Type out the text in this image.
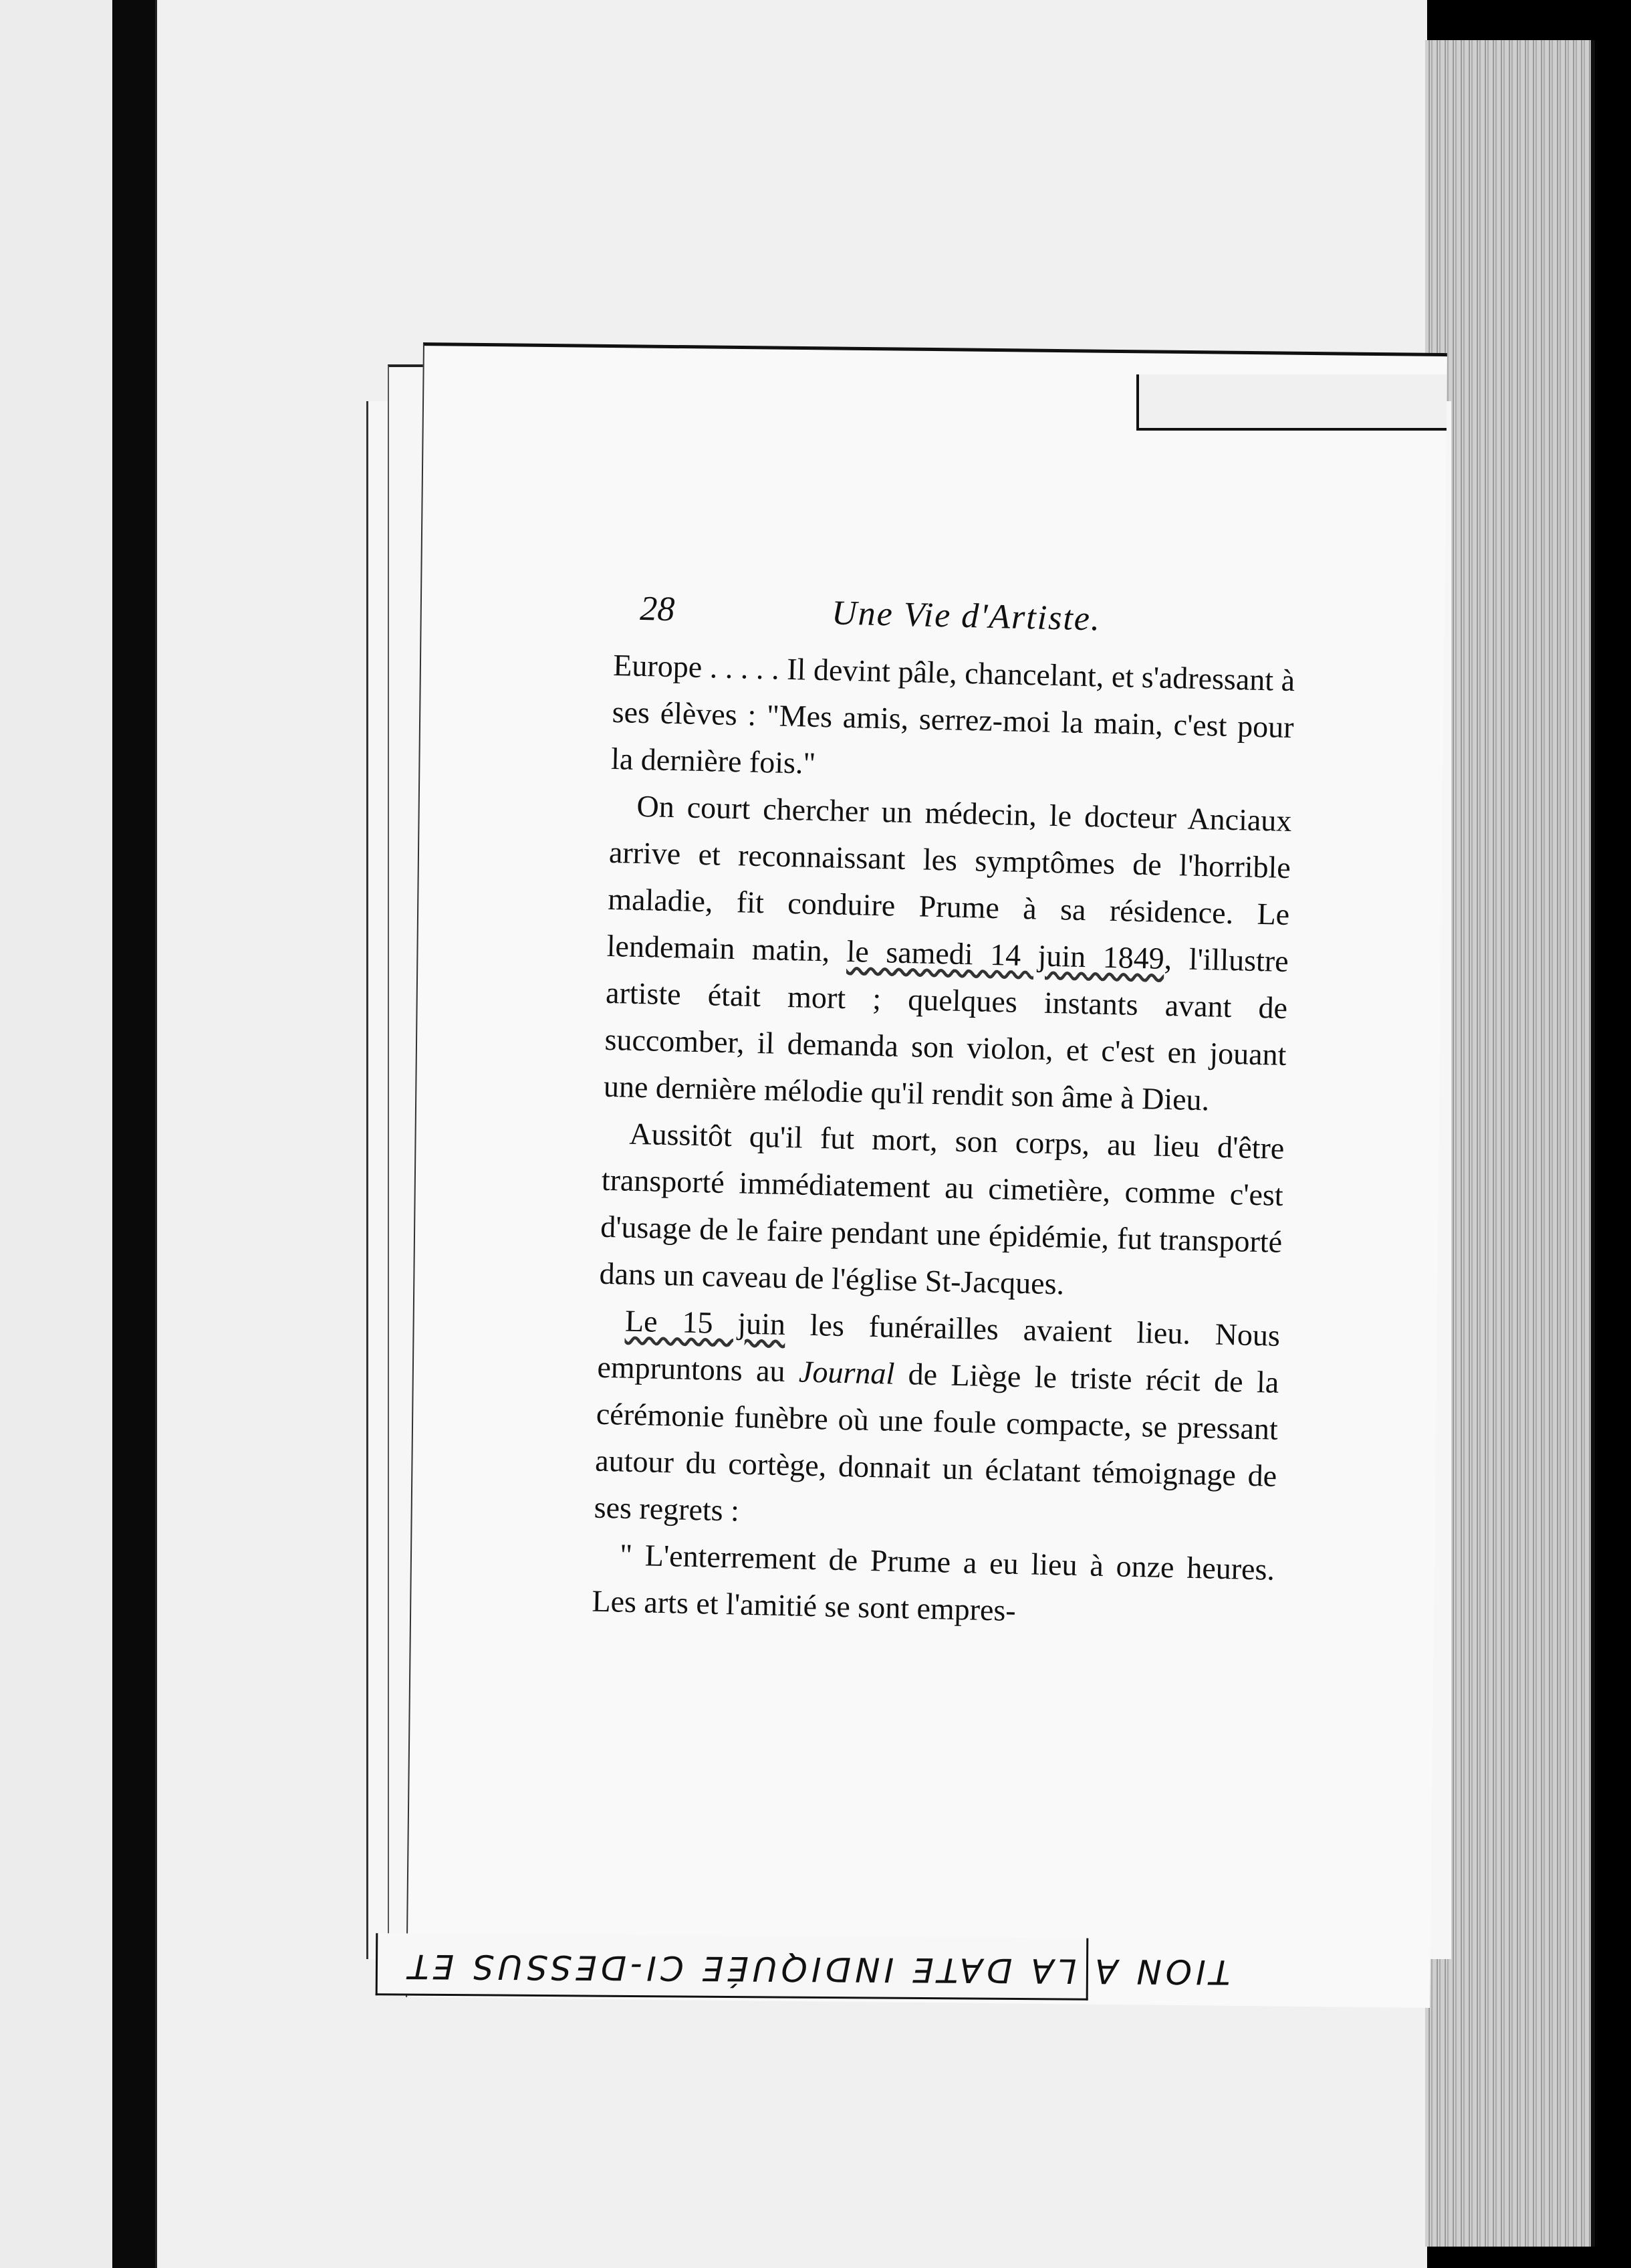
TION A LA DATE INDIQUÉE CI-DESSUS ET
28	Une Vie d'Artiste.

Europe . . . . . Il devint pâle, chancelant, et s'adressant à ses élèves : "Mes amis, serrez-moi la main, c'est pour la dernière fois."

On court chercher un médecin, le docteur Anciaux arrive et reconnaissant les symptômes de l'horrible maladie, fit conduire Prume à sa résidence. Le lendemain matin, le samedi 14 juin 1849, l'illustre artiste était mort ; quelques instants avant de succomber, il demanda son violon, et c'est en jouant une dernière mélodie qu'il rendit son âme à Dieu.

Aussitôt qu'il fut mort, son corps, au lieu d'être transporté immédiatement au cimetière, comme c'est d'usage de le faire pendant une épidémie, fut transporté dans un caveau de l'église St-Jacques.

Le 15 juin les funérailles avaient lieu. Nous empruntons au Journal de Liège le triste récit de la cérémonie funèbre où une foule compacte, se pressant autour du cortège, donnait un éclatant témoignage de ses regrets :

" L'enterrement de Prume a eu lieu à onze heures. Les arts et l'amitié se sont empres-
